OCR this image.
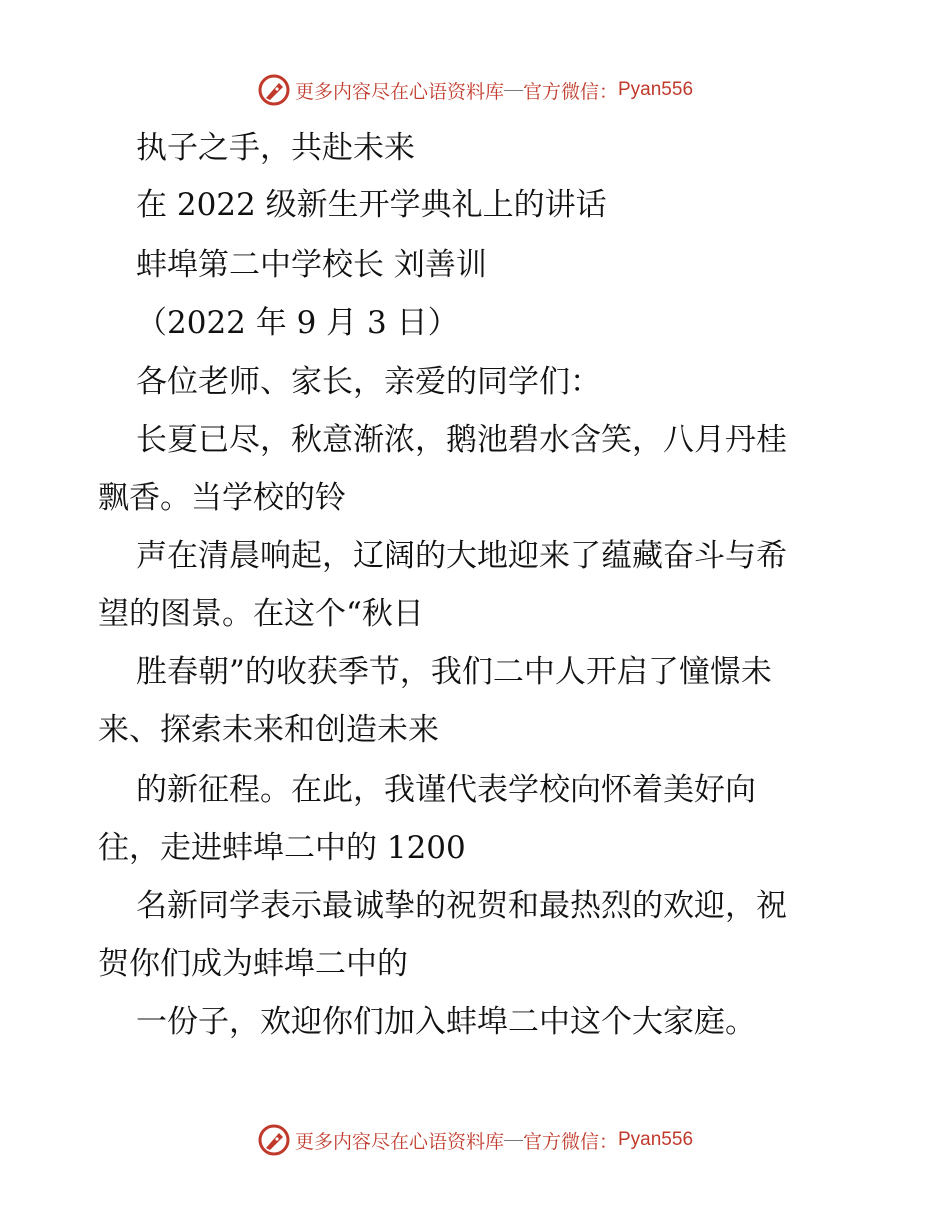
更多内容尽在心语资料库 — 官方微信： Pyan556
执子之手，共赴未来
在 2022 级新生开学典礼上的讲话
蚌埠第二中学校长 刘善训
（2022 年 9 月 3 日）
各位老师、家长，亲爱的同学们：
长夏已尽，秋意渐浓，鹅池碧水含笑，八月丹桂
飘香。当学校的铃
声在清晨响起，辽阔的大地迎来了蕴藏奋斗与希
望的图景。在这个“秋日
胜春朝”的收获季节，我们二中人开启了憧憬未
来、探索未来和创造未来
的新征程。在此，我谨代表学校向怀着美好向
往，走进蚌埠二中的 1200
名新同学表示最诚挚的祝贺和最热烈的欢迎，祝
贺你们成为蚌埠二中的
一份子，欢迎你们加入蚌埠二中这个大家庭。
更多内容尽在心语资料库 — 官方微信： Pyan556
